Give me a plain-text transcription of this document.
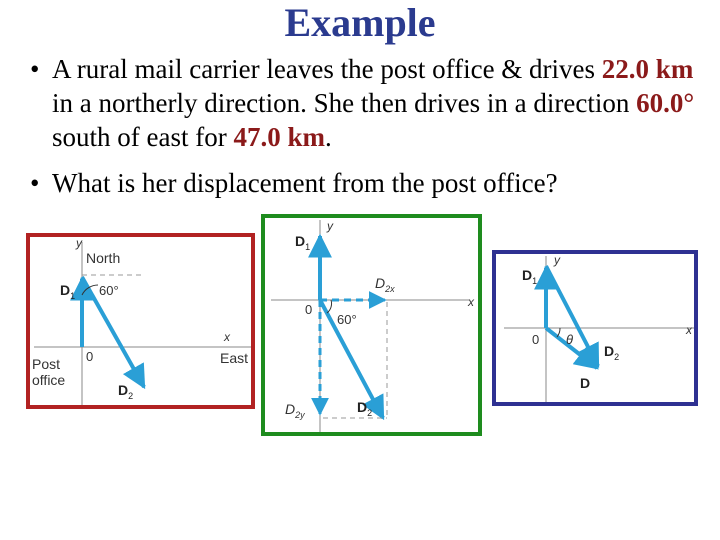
Example
• A rural mail carrier leaves the post office & drives 22.0 km in a northerly direction. She then drives in a direction 60.0° south of east for 47.0 km.
• What is her displacement from the post office?
y
North
$D_1$ 60°
0
x
East
Post
office
$D_2$
y
$D_1$
$D_{2x}$
0	x
60°
$D_{2y}$	$D_2$
y
$D_1$
0 θ
x
$D_2$
D
